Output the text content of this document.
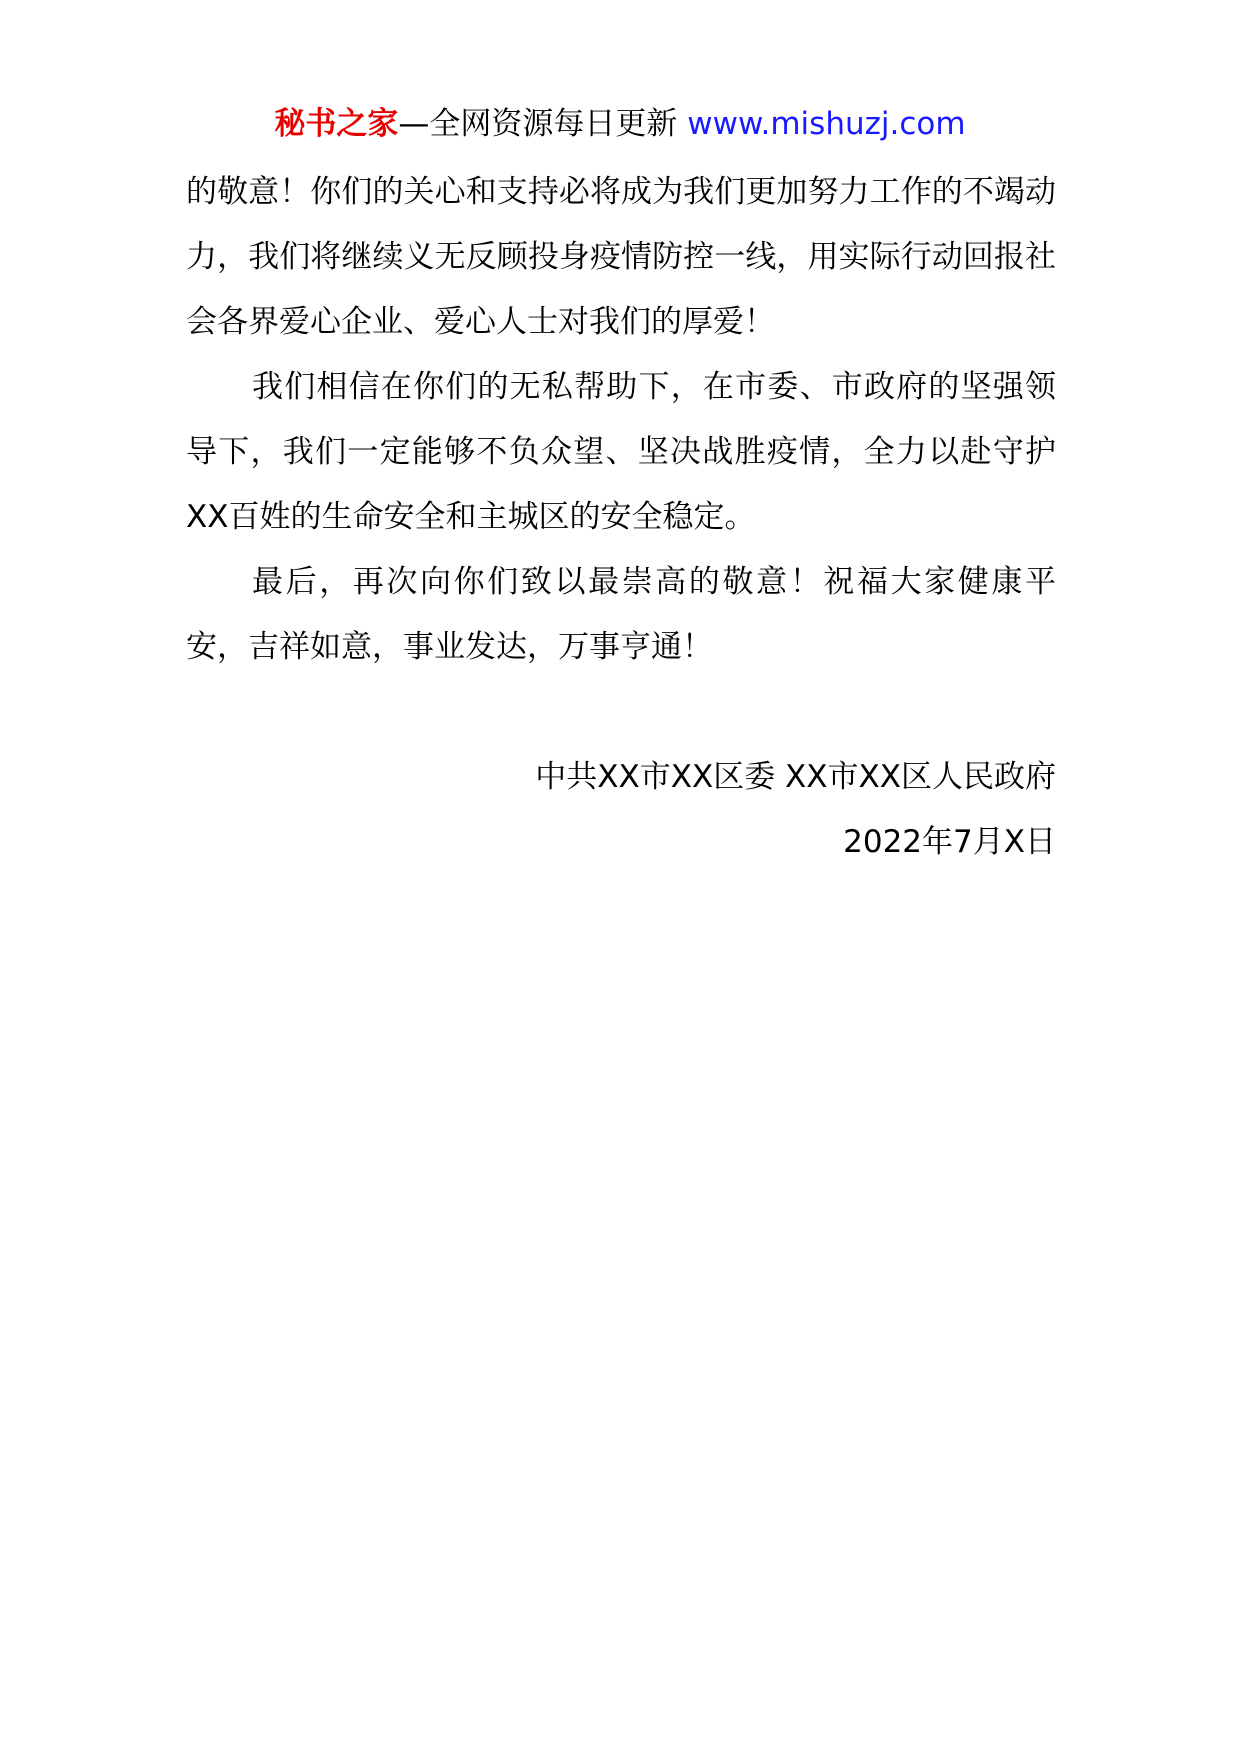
秘书之家—全网资源每日更新 www.mishuzj.com

的敬意！你们的关心和支持必将成为我们更加努力工作的不竭动力，我们将继续义无反顾投身疫情防控一线，用实际行动回报社会各界爱心企业、爱心人士对我们的厚爱！

我们相信在你们的无私帮助下，在市委、市政府的坚强领导下，我们一定能够不负众望、坚决战胜疫情，全力以赴守护XX百姓的生命安全和主城区的安全稳定。

最后，再次向你们致以最崇高的敬意！祝福大家健康平安，吉祥如意，事业发达，万事亨通！

中共XX市XX区委 XX市XX区人民政府
2022年7月X日
